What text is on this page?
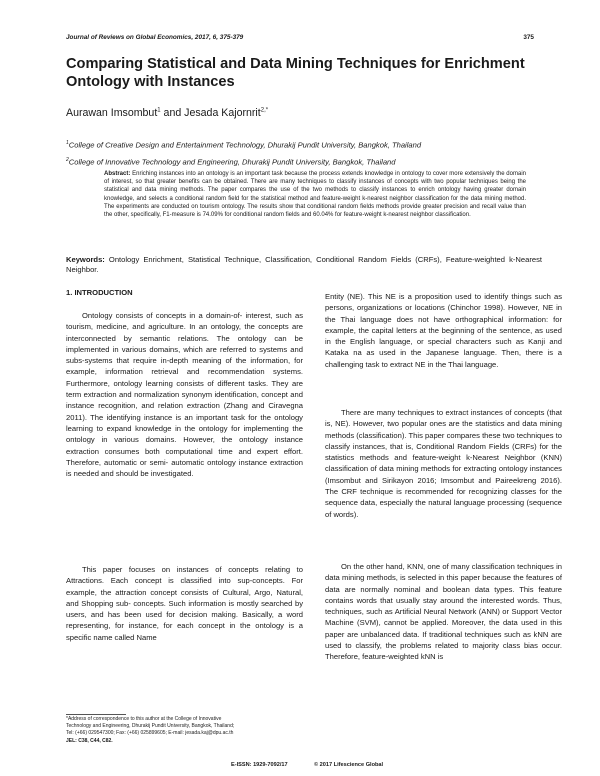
Journal of Reviews on Global Economics, 2017, 6, 375-379	375
Comparing Statistical and Data Mining Techniques for Enrichment Ontology with Instances
Aurawan Imsombut$^1$ and Jesada Kajornrit$^{2,*}$
$^1$College of Creative Design and Entertainment Technology, Dhurakij Pundit University, Bangkok, Thailand
$^2$College of Innovative Technology and Engineering, Dhurakij Pundit University, Bangkok, Thailand
Abstract: Enriching instances into an ontology is an important task because the process extends knowledge in ontology to cover more extensively the domain of interest, so that greater benefits can be obtained. There are many techniques to classify instances of concepts with two popular techniques being the statistical and data mining methods. The paper compares the use of the two methods to classify instances to enrich ontology having greater domain knowledge, and selects a conditional random field for the statistical method and feature-weight k-nearest neighbor classification for the data mining method. The experiments are conducted on tourism ontology. The results show that conditional random fields methods provide greater precision and recall value than the other, specifically, F1-measure is 74.09% for conditional random fields and 60.04% for feature-weight k-nearest neighbor classification.
Keywords: Ontology Enrichment, Statistical Technique, Classification, Conditional Random Fields (CRFs), Feature-weighted k-Nearest Neighbor.
1. INTRODUCTION

Ontology consists of concepts in a domain-of- interest, such as tourism, medicine, and agriculture. In an ontology, the concepts are interconnected by semantic relations. The ontology can be implemented in various domains, which are referred to systems and subs-systems that require in-depth meaning of the information, for example, information retrieval and recommendation systems. Furthermore, ontology learning consists of different tasks. They are term extraction and normalization synonym identification, concept and instance recognition, and relation extraction (Zhang and Ciravegna 2011). The identifying instance is an important task for the ontology learning to expand knowledge in the ontology for implementing the ontology in various domains. However, the ontology instance extraction consumes both computational time and expert effort. Therefore, automatic or semi- automatic ontology instance extraction is needed and should be investigated.

This paper focuses on instances of concepts relating to Attractions. Each concept is classified into sup-concepts. For example, the attraction concept consists of Cultural, Argo, Natural, and Shopping sub- concepts. Such information is mostly searched by users, and has been used for decision making. Basically, a word representing, for instance, for each concept in the ontology is a specific name called Name

Entity (NE). This NE is a proposition used to identify things such as persons, organizations or locations (Chinchor 1998). However, NE in the Thai language does not have orthographical information: for example, the capital letters at the beginning of the sentence, as used in the English language, or special characters such as Kanji and Kataka na as used in the Japanese language. Then, there is a challenging task to extract NE in the Thai language.

There are many techniques to extract instances of concepts (that is, NE). However, two popular ones are the statistics and data mining methods (classification). This paper compares these two techniques to classify instances, that is, Conditional Random Fields (CRFs) for the statistics methods and feature-weight k-Nearest Neighbor (KNN) classification of data mining methods for extracting ontology instances (Imsombut and Sirikayon 2016; Imsombut and Paireekreng 2016). The CRF technique is recommended for recognizing classes for the sequence data, especially the natural language processing (sequence of words).

On the other hand, KNN, one of many classification techniques in data mining methods, is selected in this paper because the features of data are normally nominal and boolean data types. This feature contains words that usually stay around the interested words. Thus, techniques, such as Artificial Neural Network (ANN) or Support Vector Machine (SVM), cannot be applied. Moreover, the data used in this paper are unbalanced data. If traditional techniques such as kNN are used to classify, the problems related to majority class bias occur. Therefore, feature-weighted kNN is

*Address of correspondence to this author at the College of Innovative
Technology and Engineering, Dhurakij Pundit University, Bangkok, Thailand;
Tel: (+66) 029547300; Fax: (+66) 025899605; E-mail: jesada.kaj@dpu.ac.th
JEL: C38, C44, C82.
E-ISSN: 1929-7092/17	© 2017 Lifescience Global
